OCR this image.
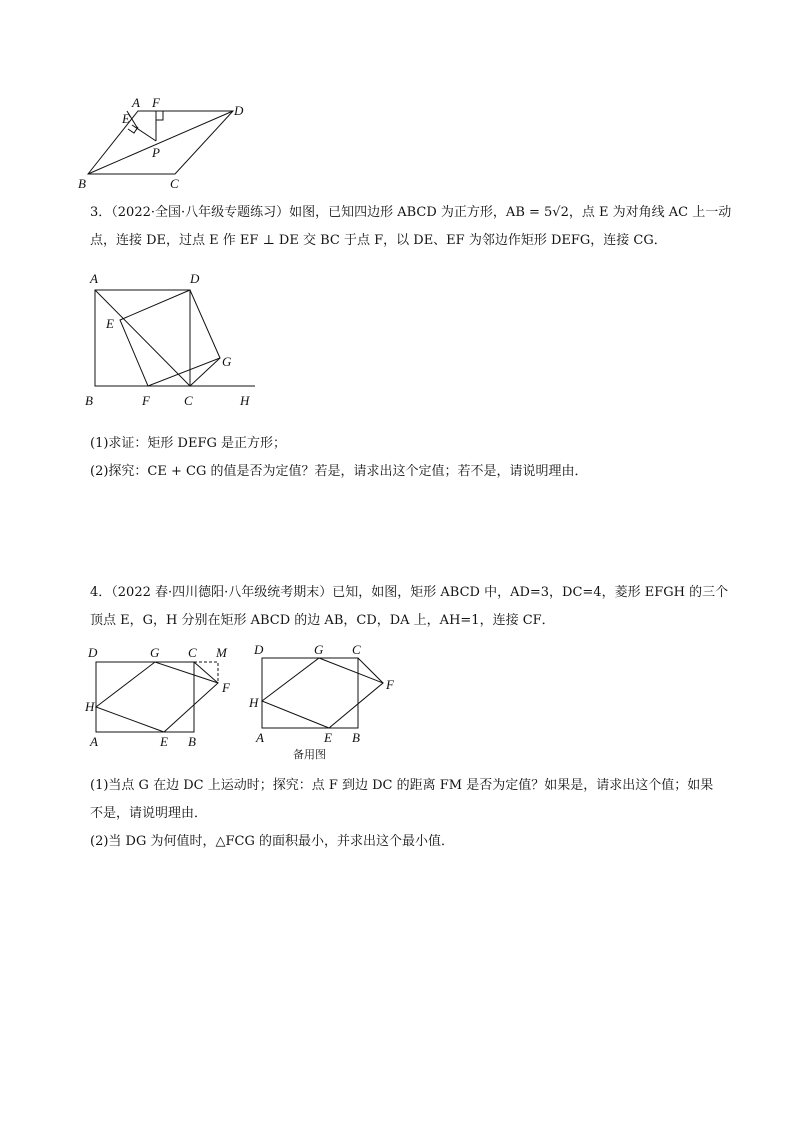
A F
E
D
P
B	C
3．（2022·全国·八年级专题练习）如图，已知四边形 ABCD 为正方形，AB = 5√2，点 E 为对角线 AC 上一动
点，连接 DE，过点 E 作 EF ⊥ DE 交 BC 于点 F，以 DE、EF 为邻边作矩形 DEFG，连接 CG．
A	D
E
G
B	F	C	H
(1)求证：矩形 DEFG 是正方形；
(2)探究：CE + CG 的值是否为定值？若是，请求出这个定值；若不是，请说明理由．
4．（2022 春·四川德阳·八年级统考期末）已知，如图，矩形 ABCD 中，AD=3，DC=4，菱形 EFGH 的三个
顶点 E，G，H 分别在矩形 ABCD 的边 AB，CD，DA 上，AH=1，连接 CF．
D	G C M
F
H
A	E B
D	G C
F
H
A	E B
备用图
(1)当点 G 在边 DC 上运动时；探究：点 F 到边 DC 的距离 FM 是否为定值？如果是，请求出这个值；如果
不是，请说明理由．
(2)当 DG 为何值时，△FCG 的面积最小，并求出这个最小值．
